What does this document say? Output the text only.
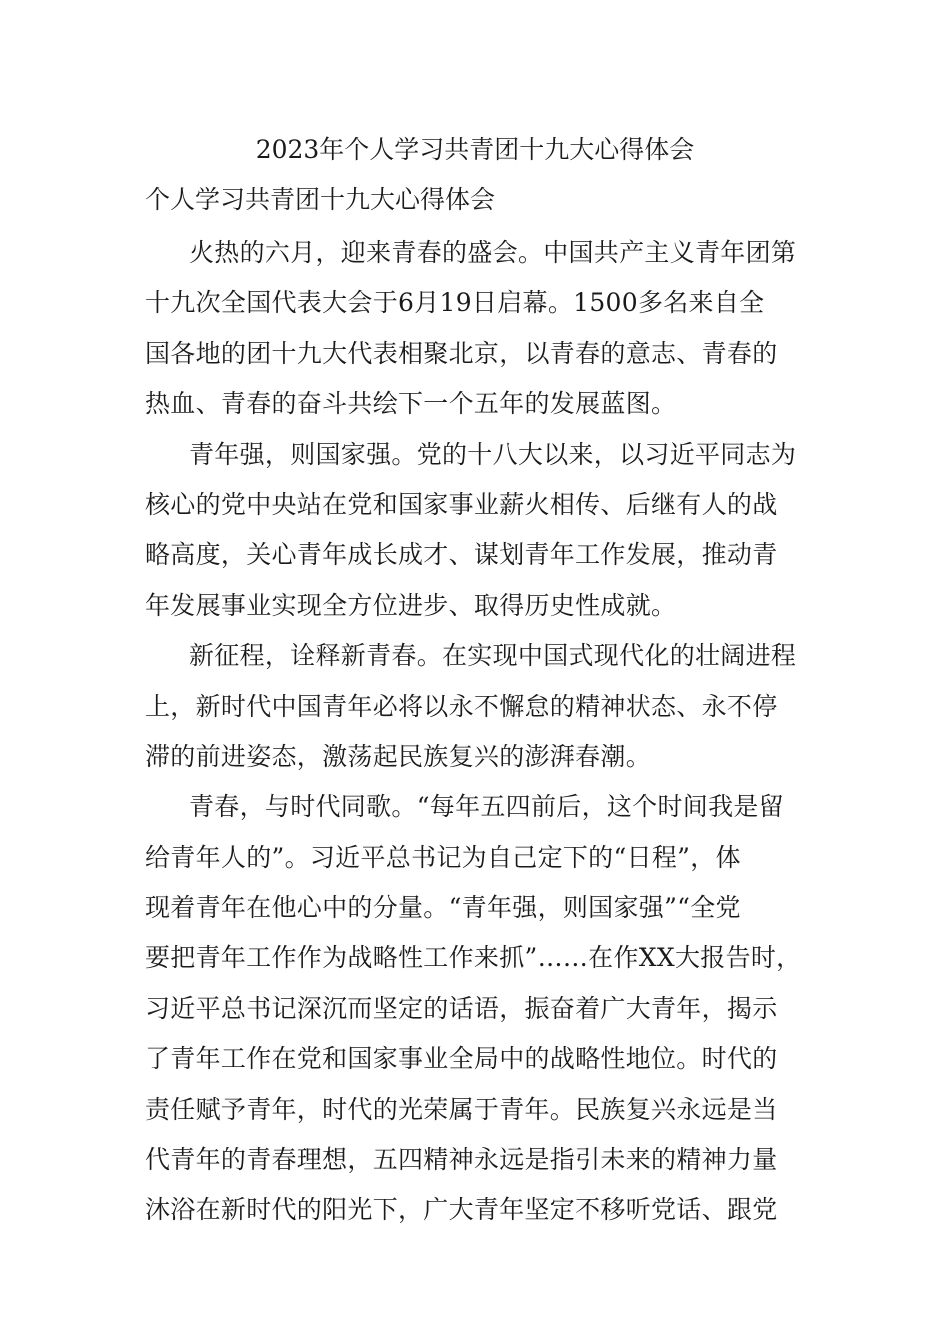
2023年个人学习共青团十九大心得体会
个人学习共青团十九大心得体会
火热的六月，迎来青春的盛会。中国共产主义青年团第
十九次全国代表大会于6月19日启幕。1500多名来自全
国各地的团十九大代表相聚北京，以青春的意志、青春的
热血、青春的奋斗共绘下一个五年的发展蓝图。
青年强，则国家强。党的十八大以来，以习近平同志为
核心的党中央站在党和国家事业薪火相传、后继有人的战
略高度，关心青年成长成才、谋划青年工作发展，推动青
年发展事业实现全方位进步、取得历史性成就。
新征程，诠释新青春。在实现中国式现代化的壮阔进程
上，新时代中国青年必将以永不懈怠的精神状态、永不停
滞的前进姿态，激荡起民族复兴的澎湃春潮。
青春，与时代同歌。“每年五四前后，这个时间我是留
给青年人的”。习近平总书记为自己定下的“日程”，体
现着青年在他心中的分量。“青年强，则国家强”“全党
要把青年工作作为战略性工作来抓”……在作XX大报告时，
习近平总书记深沉而坚定的话语，振奋着广大青年，揭示
了青年工作在党和国家事业全局中的战略性地位。时代的
责任赋予青年，时代的光荣属于青年。民族复兴永远是当
代青年的青春理想，五四精神永远是指引未来的精神力量
沐浴在新时代的阳光下，广大青年坚定不移听党话、跟党
